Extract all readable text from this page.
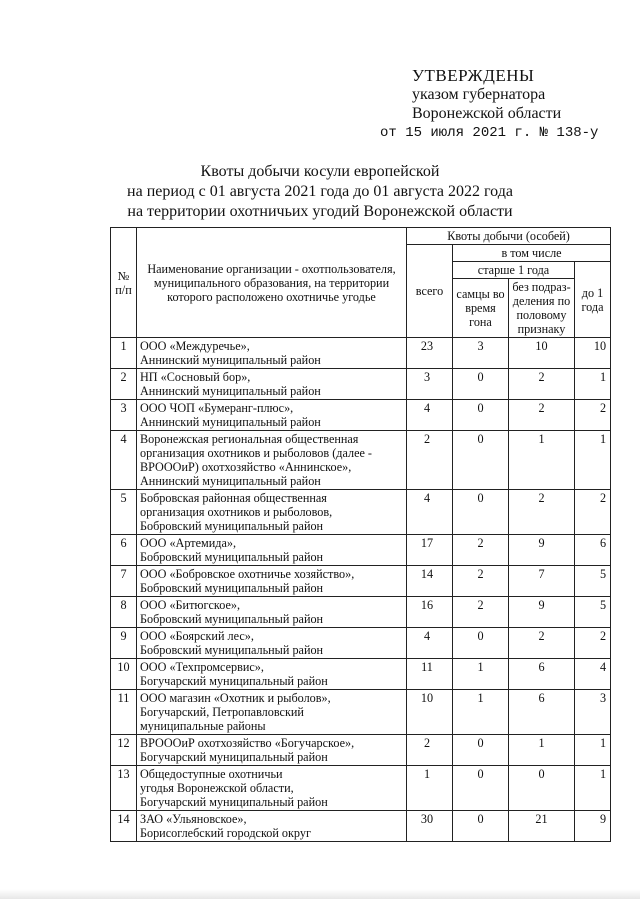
УТВЕРЖДЕНЫ
указом губернатора
Воронежской области
от 15 июля 2021 г. № 138-у
Квоты добычи косули европейской
на период с 01 августа 2021 года до 01 августа 2022 года
на территории охотничьих угодий Воронежской области
№ п/п	Наименование организации - охотпользователя, муниципального образования, на территории которого расположено охотничье угодье	Квоты добычи (особей)			
		всего	в том числе		
			старше 1 года		до 1 года
			самцы во время гона	без подраз-деления по половому признаку	
1	ООО «Междуречье»,
Аннинский муниципальный район	23	3	10	10
2	НП «Сосновый бор»,
Аннинский муниципальный район	3	0	2	1
3	ООО ЧОП «Бумеранг-плюс»,
Аннинский муниципальный район	4	0	2	2
4	Воронежская региональная общественная
организация охотников и рыболовов (далее -
ВРОООиР) охотхозяйство «Аннинское»,
Аннинский муниципальный район	2	0	1	1
5	Бобровская районная общественная
организация охотников и рыболовов,
Бобровский муниципальный район	4	0	2	2
6	ООО «Артемида»,
Бобровский муниципальный район	17	2	9	6
7	ООО «Бобровское охотничье хозяйство»,
Бобровский муниципальный район	14	2	7	5
8	ООО «Битюгское»,
Бобровский муниципальный район	16	2	9	5
9	ООО «Боярский лес»,
Бобровский муниципальный район	4	0	2	2
10	ООО «Техпромсервис»,
Богучарский муниципальный район	11	1	6	4
11	ООО магазин «Охотник и рыболов»,
Богучарский, Петропавловский
муниципальные районы	10	1	6	3
12	ВРОООиР охотхозяйство «Богучарское»,
Богучарский муниципальный район	2	0	1	1
13	Общедоступные охотничьи
угодья Воронежской области,
Богучарский муниципальный район	1	0	0	1
14	ЗАО «Ульяновское»,
Борисоглебский городской округ	30	0	21	9
